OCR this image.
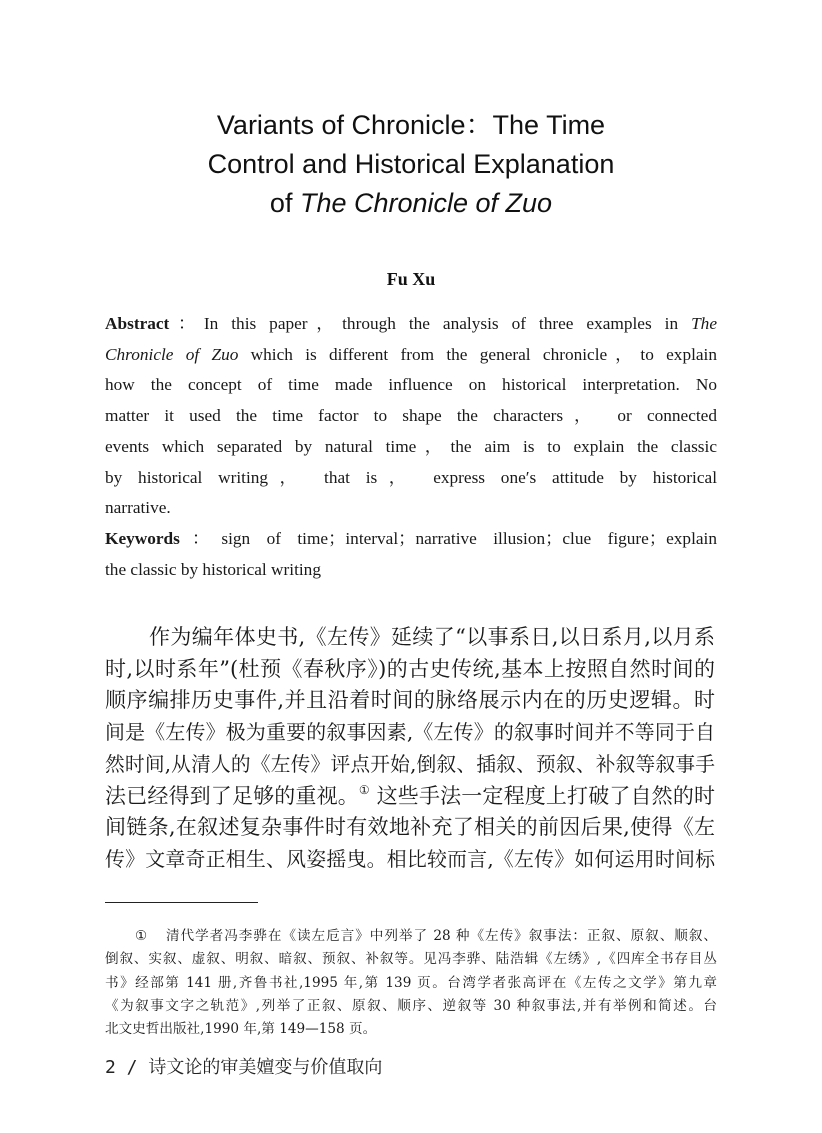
Variants of Chronicle：The Time
Control and Historical Explanation
of The Chronicle of Zuo
Fu Xu
Abstract：In this paper，through the analysis of three examples in The
Chronicle of Zuo which is different from the general chronicle，to explain
how the concept of time made influence on historical interpretation. No
matter it used the time factor to shape the characters， or connected
events which separated by natural time，the aim is to explain the classic
by historical writing， that is， express one′s attitude by historical
narrative.
Keywords：sign of time；interval；narrative illusion；clue figure；explain
the classic by historical writing
作为编年体史书,《左传》延续了“以事系日,以日系月,以月系
时,以时系年”(杜预《春秋序》)的古史传统,基本上按照自然时间的
顺序编排历史事件,并且沿着时间的脉络展示内在的历史逻辑。时
间是《左传》极为重要的叙事因素,《左传》的叙事时间并不等同于自
然时间,从清人的《左传》评点开始,倒叙、插叙、预叙、补叙等叙事手
法已经得到了足够的重视。① 这些手法一定程度上打破了自然的时
间链条,在叙述复杂事件时有效地补充了相关的前因后果,使得《左
传》文章奇正相生、风姿摇曳。相比较而言,《左传》如何运用时间标
① 清代学者冯李骅在《读左卮言》中列举了 28 种《左传》叙事法：正叙、原叙、顺叙、
倒叙、实叙、虚叙、明叙、暗叙、预叙、补叙等。见冯李骅、陆浩辑《左绣》,《四库全书存目丛
书》经部第 141 册,齐鲁书社,1995 年,第 139 页。台湾学者张高评在《左传之文学》第九章
《为叙事文字之轨范》,列举了正叙、原叙、顺序、逆叙等 30 种叙事法,并有举例和简述。台
北文史哲出版社,1990 年,第 149—158 页。
2 / 诗文论的审美嬗变与价值取向
